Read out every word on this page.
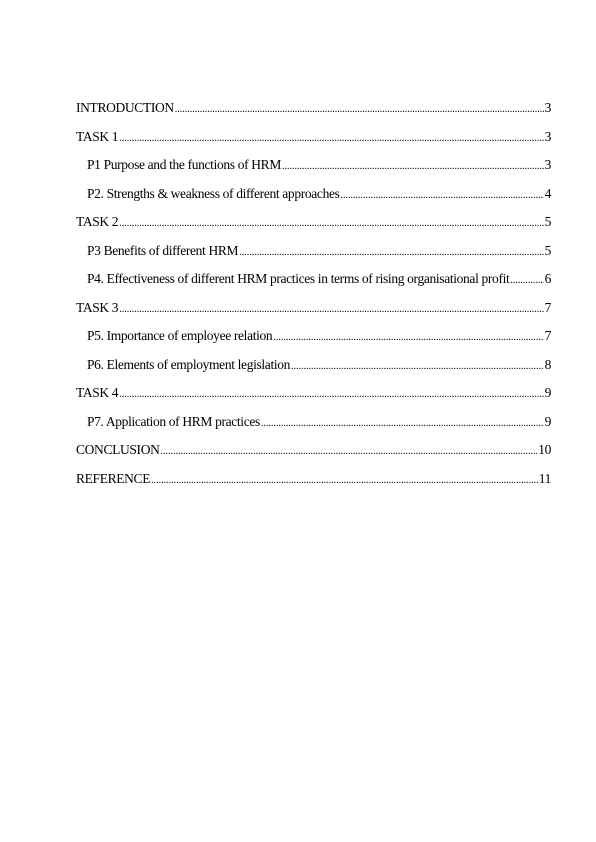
INTRODUCTION .....	3
TASK 1 .....	3
P1 Purpose and the functions of HRM .....	3
P2. Strengths & weakness of different approaches .....	4
TASK 2 .....	5
P3 Benefits of different HRM .....	5
P4. Effectiveness of different HRM practices in terms of rising organisational profit .....	6
TASK 3 .....	7
P5. Importance of employee relation .....	7
P6. Elements of employment legislation .....	8
TASK 4 .....	9
P7. Application of HRM practices .....	9
CONCLUSION .....	10
REFERENCE .....	11
